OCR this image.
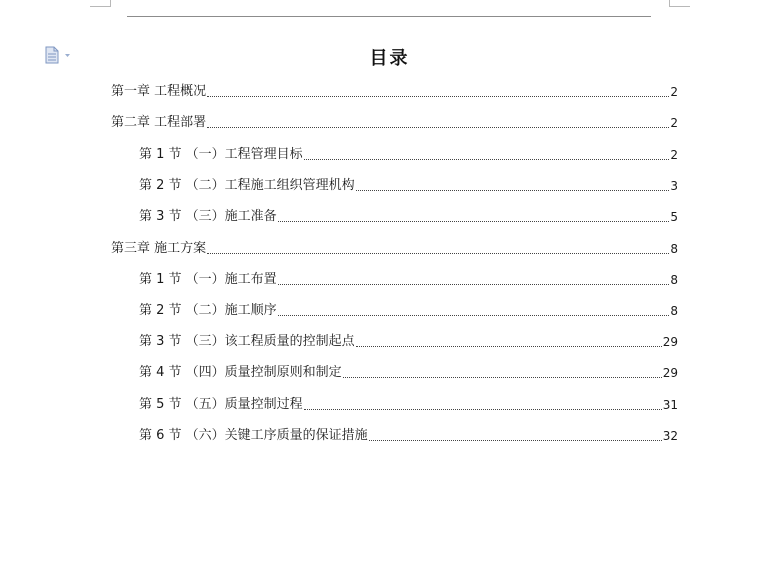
目录
第一章 工程概况	2
第二章 工程部署	2
第 1 节 （一）工程管理目标	2
第 2 节 （二）工程施工组织管理机构	3
第 3 节 （三）施工准备	5
第三章 施工方案	8
第 1 节 （一）施工布置	8
第 2 节 （二）施工顺序	8
第 3 节 （三）该工程质量的控制起点	29
第 4 节 （四）质量控制原则和制定	29
第 5 节 （五）质量控制过程	31
第 6 节 （六）关键工序质量的保证措施	32
